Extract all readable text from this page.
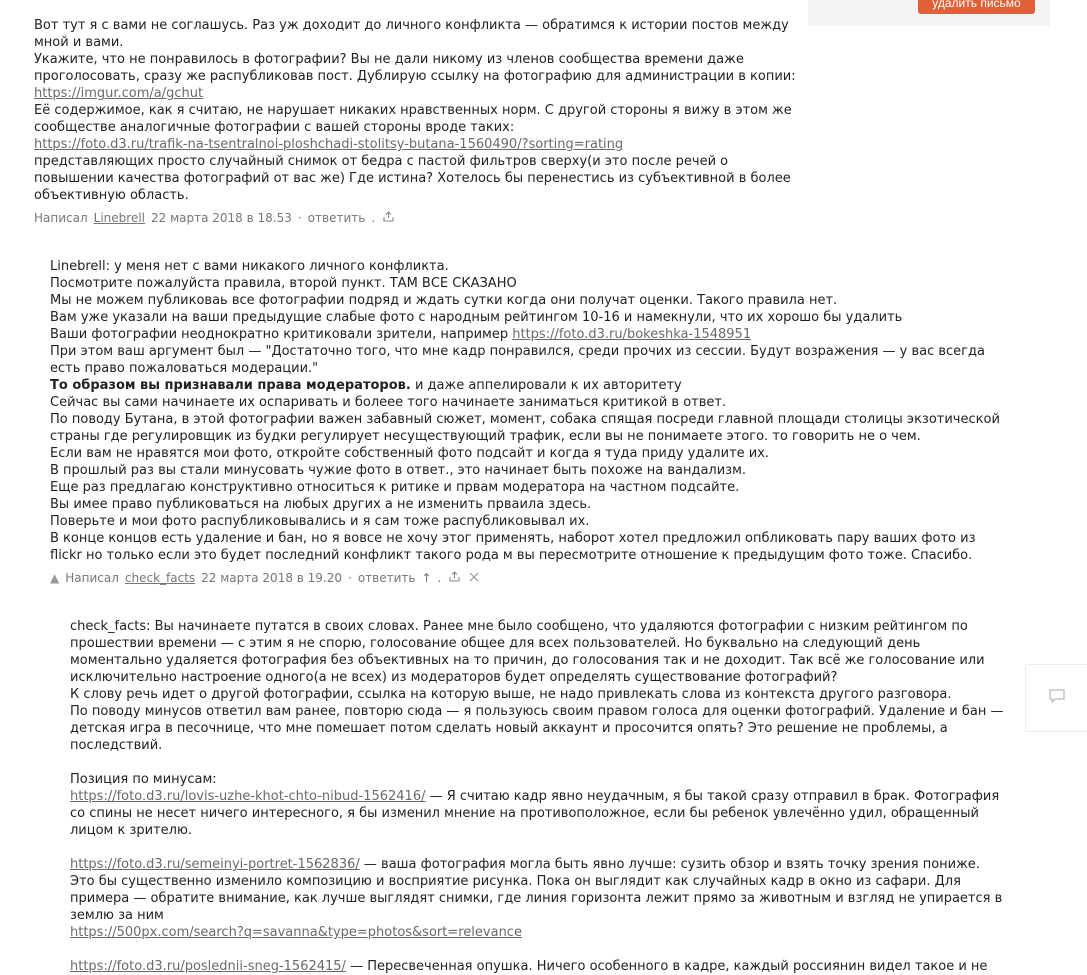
удалить письмо
Вот тут я с вами не соглашусь. Раз уж доходит до личного конфликта — обратимся к истории постов между мной и вами.
Укажите, что не понравилось в фотографии? Вы не дали никому из членов сообщества времени даже проголосовать, сразу же распубликовав пост. Дублирую ссылку на фотографию для администрации в копии:
https://imgur.com/a/gchut
Её содержимое, как я считаю, не нарушает никаких нравственных норм. С другой стороны я вижу в этом же сообществе аналогичные фотографии с вашей стороны вроде таких:
https://foto.d3.ru/trafik-na-tsentralnoi-ploshchadi-stolitsy-butana-1560490/?sorting=rating
представляющих просто случайный снимок от бедра с пастой фильтров сверху(и это после речей о повышении качества фотографий от вас же) Где истина? Хотелось бы перенестись из субъективной в более объективную область.
Написал Linebrell 22 марта 2018 в 18.53 · ответить .
Linebrell: у меня нет с вами никакого личного конфликта.
Посмотрите пожалуйста правила, второй пункт. ТАМ ВСЕ СКАЗАНО
Мы не можем публиковаь все фотографии подряд и ждать сутки когда они получат оценки. Такого правила нет.
Вам уже указали на ваши предыдущие слабые фото с народным рейтингом 10-16 и намекнули, что их хорошо бы удалить
Ваши фотографии неоднократно критиковали зрители, например https://foto.d3.ru/bokeshka-1548951
При этом ваш аргумент был — "Достаточно того, что мне кадр понравился, среди прочих из сессии. Будут возражения — у вас всегда есть право пожаловаться модерации."
То образом вы признавали права модераторов. и даже аппелировали к их авторитету
Сейчас вы сами начинаете их оспаривать и болеее того начинаете заниматься критикой в ответ.
По поводу Бутана, в этой фотографии важен забавный сюжет, момент, собака спящая посреди главной площади столицы экзотической страны где регулировщик из будки регулирует несуществующий трафик, если вы не понимаете этого. то говорить не о чем.
Если вам не нравятся мои фото, откройте собственный фото подсайт и когда я туда приду удалите их.
В прошлый раз вы стали минусовать чужие фото в ответ., это начинает быть похоже на вандализм.
Еще раз предлагаю конструктивно относиться к ритике и првам модератора на частном подсайте.
Вы имее право публиковаться на любых других а не изменить прваила здесь.
Поверьте и мои фото распубликовывались и я сам тоже распубликовывал их.
В конце концов есть удаление и бан, но я вовсе не хочу этог применять, наборот хотел предложил опбликовать пару ваших фото из flickr но только если это будет последний конфликт такого рода м вы пересмотрите отношение к предыдущим фото тоже. Спасибо.
▲ Написал check_facts 22 марта 2018 в 19.20 · ответить ↑ .
check_facts: Вы начинаете путатся в своих словах. Ранее мне было сообщено, что удаляются фотографии с низким рейтингом по прошествии времени — с этим я не спорю, голосование общее для всех пользователей. Но буквально на следующий день моментально удаляется фотография без объективных на то причин, до голосования так и не доходит. Так всё же голосование или исключительно настроение одного(а не всех) из модераторов будет определять существование фотографий?
К слову речь идет о другой фотографии, ссылка на которую выше, не надо привлекать слова из контекста другого разговора.
По поводу минусов ответил вам ранее, повторю сюда — я пользуюсь своим правом голоса для оценки фотографий. Удаление и бан — детская игра в песочнице, что мне помешает потом сделать новый аккаунт и просочится опять? Это решение не проблемы, а последствий.
Позиция по минусам:
https://foto.d3.ru/lovis-uzhe-khot-chto-nibud-1562416/ — Я считаю кадр явно неудачным, я бы такой сразу отправил в брак. Фотография со спины не несет ничего интересного, я бы изменил мнение на противоположное, если бы ребенок увлечённо удил, обращенный лицом к зрителю.
https://foto.d3.ru/semeinyi-portret-1562836/ — ваша фотография могла быть явно лучше: сузить обзор и взять точку зрения пониже. Это бы существенно изменило композицию и восприятие рисунка. Пока он выглядит как случайных кадр в окно из сафари. Для примера — обратите внимание, как лучше выглядят снимки, где линия горизонта лежит прямо за животным и взгляд не упирается в землю за ним
https://500px.com/search?q=savanna&type=photos&sort=relevance
https://foto.d3.ru/poslednii-sneg-1562415/ — Пересвеченная опушка. Ничего особенного в кадре, каждый россиянин видел такое и не
